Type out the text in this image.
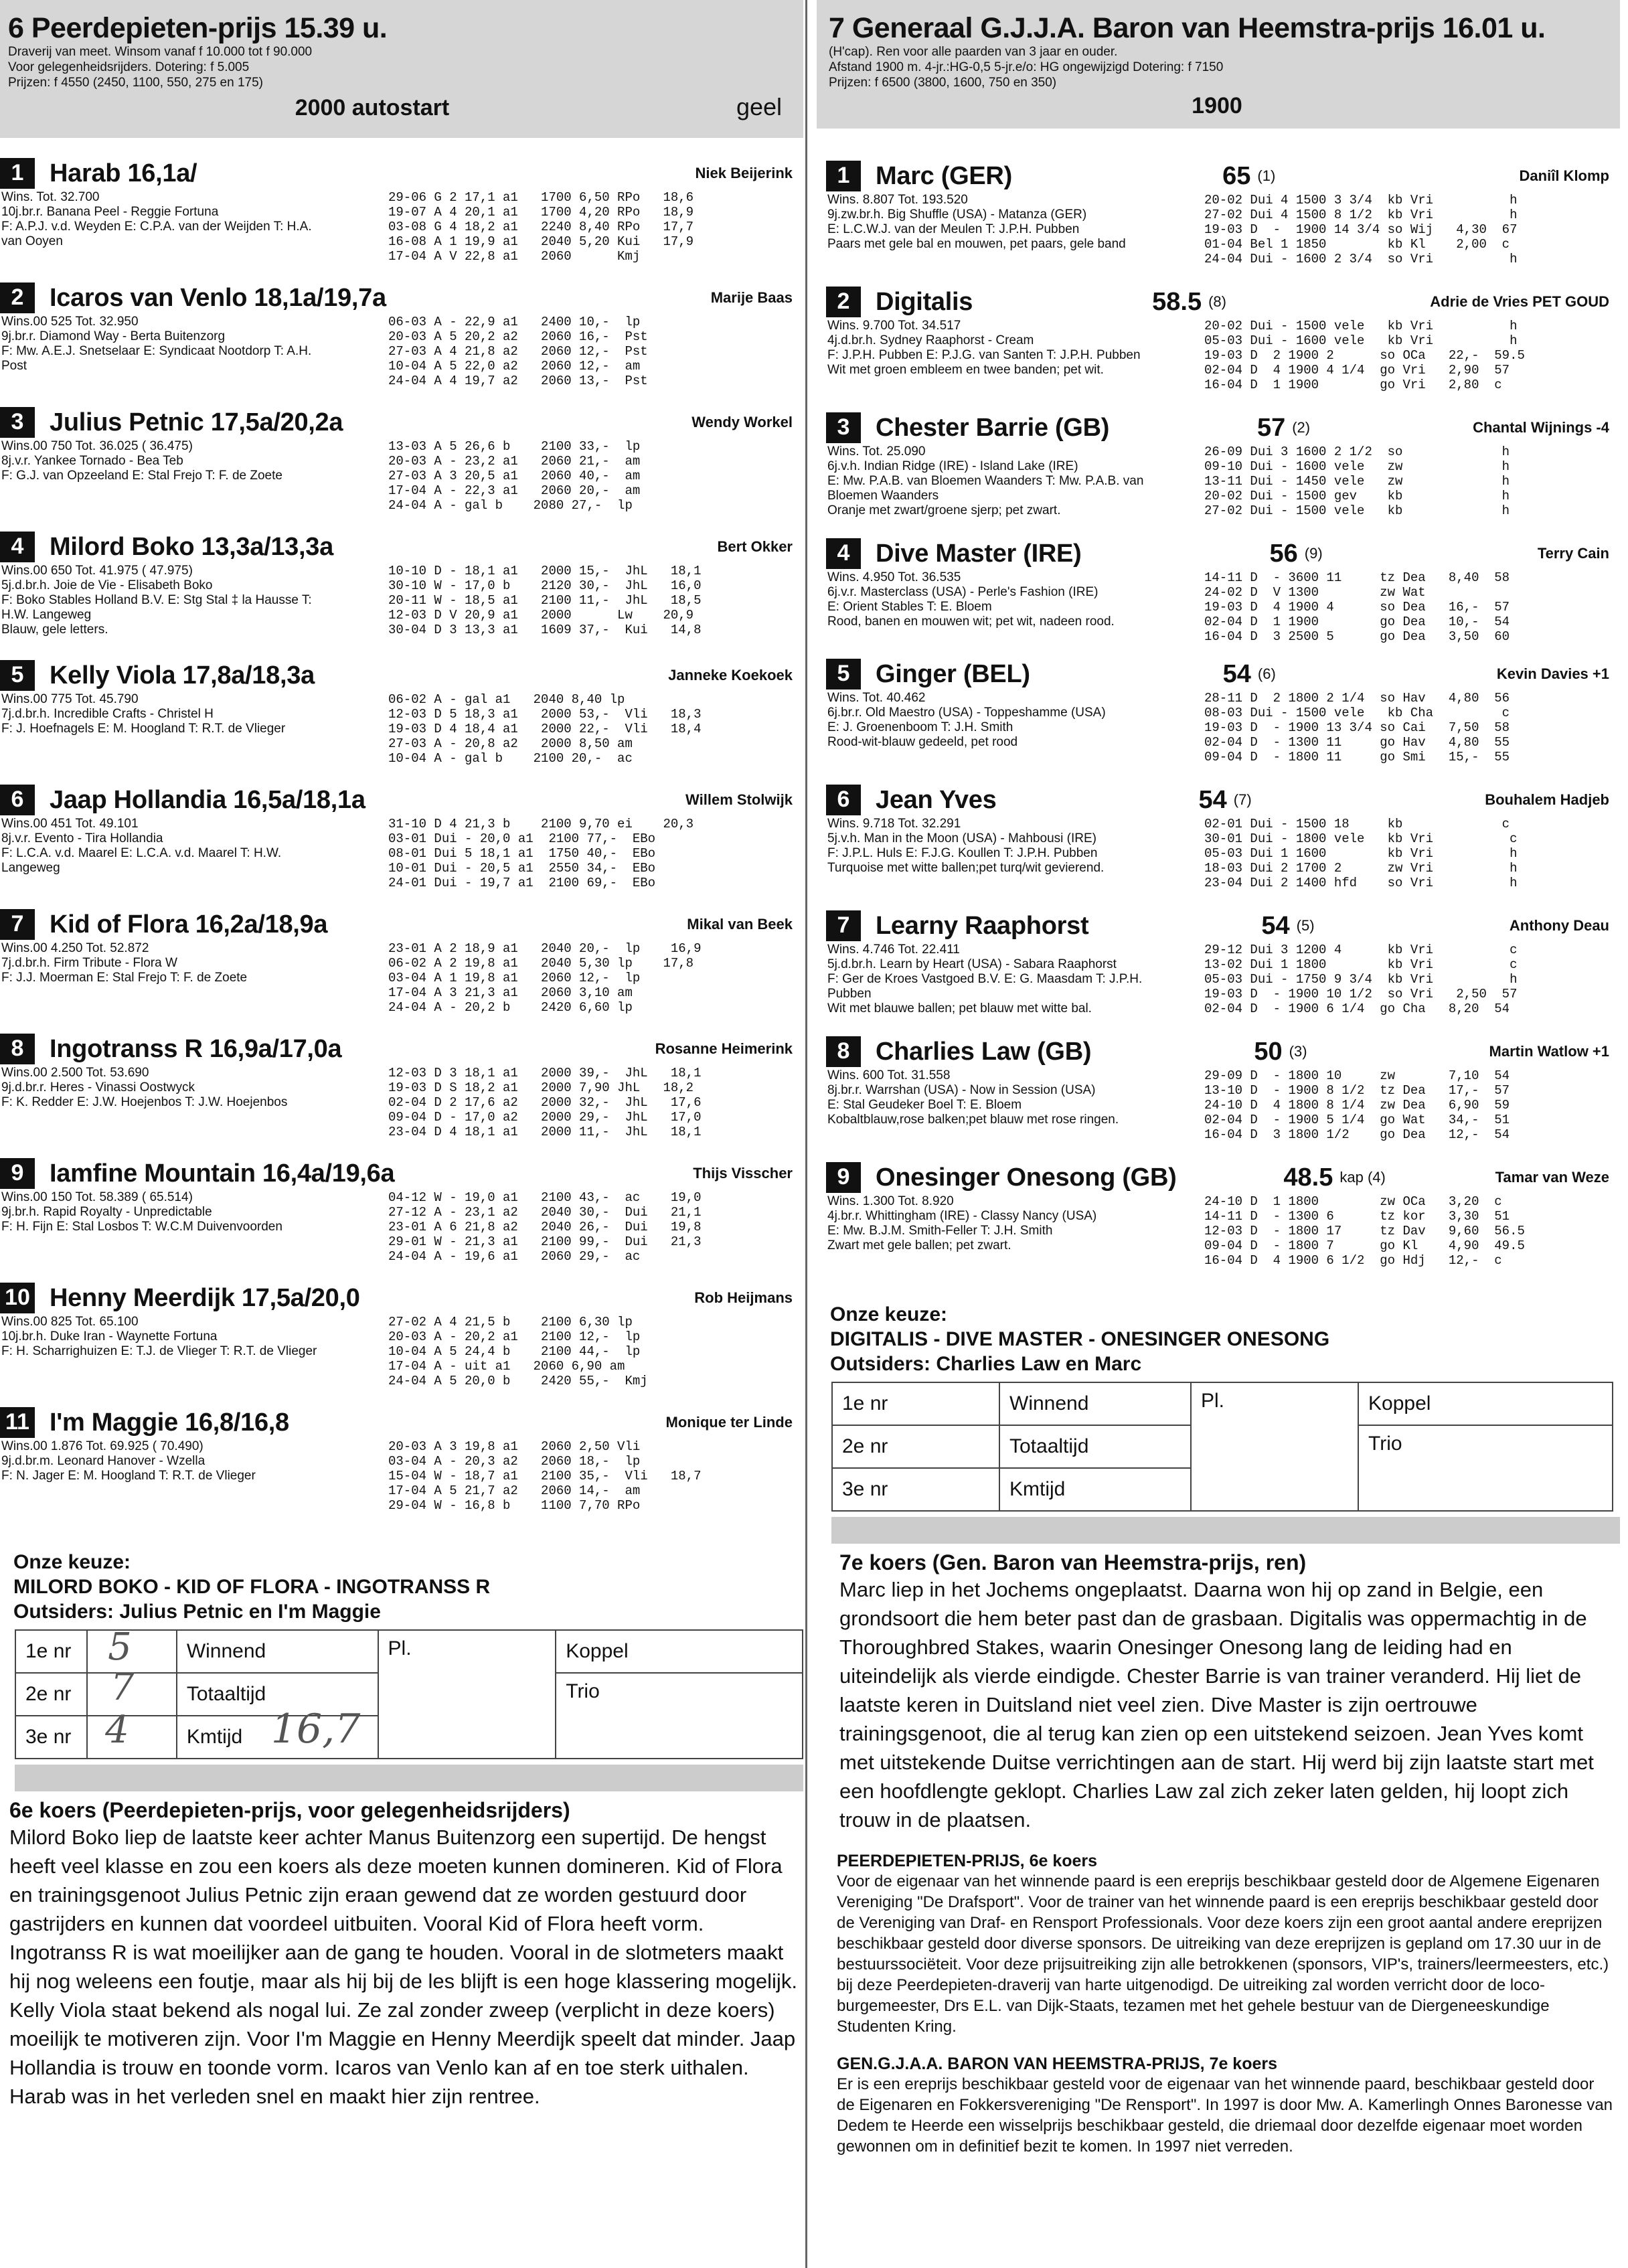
6 Peerdepieten-prijs 15.39 u.
Draverij van meet. Winsom vanaf f 10.000 tot f 90.000
Voor gelegenheidsrijders. Dotering: f 5.005
Prijzen: f 4550 (2450, 1100, 550, 275 en 175)
2000 autostart	geel
1	Harab 16,1a/	Niek Beijerink
Wins. Tot. 32.700
10j.br.r. Banana Peel - Reggie Fortuna
F: A.P.J. v.d. Weyden E: C.P.A. van der Weijden T: H.A.
van Ooyen
29-06 G 2 17,1 a1   1700 6,50 RPo   18,6
19-07 A 4 20,1 a1   1700 4,20 RPo   18,9
03-08 G 4 18,2 a1   2240 8,40 RPo   17,7
16-08 A 1 19,9 a1   2040 5,20 Kui   17,9
17-04 A V 22,8 a1   2060      Kmj
2	Icaros van Venlo 18,1a/19,7a	Marije Baas
Wins.00 525 Tot. 32.950
9j.br.r. Diamond Way - Berta Buitenzorg
F: Mw. A.E.J. Snetselaar E: Syndicaat Nootdorp T: A.H.
Post
06-03 A - 22,9 a1   2400 10,-  lp
20-03 A 5 20,2 a2   2060 16,-  Pst
27-03 A 4 21,8 a2   2060 12,-  Pst
10-04 A 5 22,0 a2   2060 12,-  am
24-04 A 4 19,7 a2   2060 13,-  Pst
3	Julius Petnic 17,5a/20,2a	Wendy Workel
Wins.00 750 Tot. 36.025 ( 36.475)
8j.v.r. Yankee Tornado - Bea Teb
F: G.J. van Opzeeland E: Stal Frejo T: F. de Zoete
13-03 A 5 26,6 b    2100 33,-  lp
20-03 A - 23,2 a1   2060 21,-  am
27-03 A 3 20,5 a1   2060 40,-  am
17-04 A - 22,3 a1   2060 20,-  am
24-04 A - gal b    2080 27,-  lp
4	Milord Boko 13,3a/13,3a	Bert Okker
Wins.00 650 Tot. 41.975 ( 47.975)
5j.d.br.h. Joie de Vie - Elisabeth Boko
F: Boko Stables Holland B.V. E: Stg Stal ‡ la Hausse T:
H.W. Langeweg
Blauw, gele letters.
10-10 D - 18,1 a1   2000 15,-  JhL   18,1
30-10 W - 17,0 b    2120 30,-  JhL   16,0
20-11 W - 18,5 a1   2100 11,-  JhL   18,5
12-03 D V 20,9 a1   2000      Lw    20,9
30-04 D 3 13,3 a1   1609 37,-  Kui   14,8
5	Kelly Viola 17,8a/18,3a	Janneke Koekoek
Wins.00 775 Tot. 45.790
7j.d.br.h. Incredible Crafts - Christel H
F: J. Hoefnagels E: M. Hoogland T: R.T. de Vlieger
06-02 A - gal a1   2040 8,40 lp
12-03 D 5 18,3 a1   2000 53,-  Vli   18,3
19-03 D 4 18,4 a1   2000 22,-  Vli   18,4
27-03 A - 20,8 a2   2000 8,50 am
10-04 A - gal b    2100 20,-  ac
6	Jaap Hollandia 16,5a/18,1a	Willem Stolwijk
Wins.00 451 Tot. 49.101
8j.v.r. Evento - Tira Hollandia
F: L.C.A. v.d. Maarel E: L.C.A. v.d. Maarel T: H.W.
Langeweg
31-10 D 4 21,3 b    2100 9,70 ei    20,3
03-01 Dui - 20,0 a1  2100 77,-  EBo
08-01 Dui 5 18,1 a1  1750 40,-  EBo
10-01 Dui - 20,5 a1  2550 34,-  EBo
24-01 Dui - 19,7 a1  2100 69,-  EBo
7	Kid of Flora 16,2a/18,9a	Mikal van Beek
Wins.00 4.250 Tot. 52.872
7j.d.br.h. Firm Tribute - Flora W
F: J.J. Moerman E: Stal Frejo T: F. de Zoete
23-01 A 2 18,9 a1   2040 20,-  lp    16,9
06-02 A 2 19,8 a1   2040 5,30 lp    17,8
03-04 A 1 19,8 a1   2060 12,-  lp
17-04 A 3 21,3 a1   2060 3,10 am
24-04 A - 20,2 b    2420 6,60 lp
8	Ingotranss R 16,9a/17,0a	Rosanne Heimerink
Wins.00 2.500 Tot. 53.690
9j.d.br.r. Heres - Vinassi Oostwyck
F: K. Redder E: J.W. Hoejenbos T: J.W. Hoejenbos
12-03 D 3 18,1 a1   2000 39,-  JhL   18,1
19-03 D S 18,2 a1   2000 7,90 JhL   18,2
02-04 D 2 17,6 a2   2000 32,-  JhL   17,6
09-04 D - 17,0 a2   2000 29,-  JhL   17,0
23-04 D 4 18,1 a1   2000 11,-  JhL   18,1
9	Iamfine Mountain 16,4a/19,6a	Thijs Visscher
Wins.00 150 Tot. 58.389 ( 65.514)
9j.br.h. Rapid Royalty - Unpredictable
F: H. Fijn E: Stal Losbos T: W.C.M Duivenvoorden
04-12 W - 19,0 a1   2100 43,-  ac    19,0
27-12 A - 23,1 a2   2040 30,-  Dui   21,1
23-01 A 6 21,8 a2   2040 26,-  Dui   19,8
29-01 W - 21,3 a1   2100 99,-  Dui   21,3
24-04 A - 19,6 a1   2060 29,-  ac
10 Henny Meerdijk 17,5a/20,0	Rob Heijmans
Wins.00 825 Tot. 65.100
10j.br.h. Duke Iran - Waynette Fortuna
F: H. Scharrighuizen E: T.J. de Vlieger T: R.T. de Vlieger
27-02 A 4 21,5 b    2100 6,30 lp
20-03 A - 20,2 a1   2100 12,-  lp
10-04 A 5 24,4 b    2100 44,-  lp
17-04 A - uit a1   2060 6,90 am
24-04 A 5 20,0 b    2420 55,-  Kmj
11 I'm Maggie 16,8/16,8	Monique ter Linde
Wins.00 1.876 Tot. 69.925 ( 70.490)
9j.d.br.m. Leonard Hanover - Wzella
F: N. Jager E: M. Hoogland T: R.T. de Vlieger
20-03 A 3 19,8 a1   2060 2,50 Vli
03-04 A - 20,3 a2   2060 18,-  lp
15-04 W - 18,7 a1   2100 35,-  Vli   18,7
17-04 A 5 21,7 a2   2060 14,-  am
29-04 W - 16,8 b    1100 7,70 RPo
Onze keuze:
MILORD BOKO - KID OF FLORA - INGOTRANSS R
Outsiders: Julius Petnic en I'm Maggie
1e nr	5	Winnend	Pl.	Koppel
2e nr	7	Totaaltijd		Trio
3e nr	4	Kmtijd 16,7		
6e koers (Peerdepieten-prijs, voor gelegenheidsrijders)
Milord Boko liep de laatste keer achter Manus Buitenzorg een supertijd. De hengst heeft veel klasse en zou een koers als deze moeten kunnen domineren. Kid of Flora en trainingsgenoot Julius Petnic zijn eraan gewend dat ze worden gestuurd door gastrijders en kunnen dat voordeel uitbuiten. Vooral Kid of Flora heeft vorm. Ingotranss R is wat moeilijker aan de gang te houden. Vooral in de slotmeters maakt hij nog weleens een foutje, maar als hij bij de les blijft is een hoge klassering mogelijk. Kelly Viola staat bekend als nogal lui. Ze zal zonder zweep (verplicht in deze koers) moeilijk te motiveren zijn. Voor I'm Maggie en Henny Meerdijk speelt dat minder. Jaap Hollandia is trouw en toonde vorm. Icaros van Venlo kan af en toe sterk uithalen. Harab was in het verleden snel en maakt hier zijn rentree.
7 Generaal G.J.J.A. Baron van Heemstra-prijs 16.01 u.
(H'cap). Ren voor alle paarden van 3 jaar en ouder.
Afstand 1900 m. 4-jr.:HG-0,5 5-jr.e/o: HG ongewijzigd Dotering: f 7150
Prijzen: f 6500 (3800, 1600, 750 en 350)
1900
1	Marc (GER)	65 (1)	Daniîl Klomp
Wins. 8.807 Tot. 193.520
9j.zw.br.h. Big Shuffle (USA) - Matanza (GER)
E: L.C.W.J. van der Meulen T: J.P.H. Pubben
Paars met gele bal en mouwen, pet paars, gele band
20-02 Dui 4 1500 3 3/4  kb Vri          h
27-02 Dui 4 1500 8 1/2  kb Vri          h
19-03 D  -  1900 14 3/4 so Wij   4,30  67
01-04 Bel 1 1850        kb Kl    2,00  c
24-04 Dui - 1600 2 3/4  so Vri          h
2	Digitalis	58.5 (8)	Adrie de Vries PET GOUD
Wins. 9.700 Tot. 34.517
4j.d.br.h. Sydney Raaphorst - Cream
F: J.P.H. Pubben E: P.J.G. van Santen T: J.P.H. Pubben
Wit met groen embleem en twee banden; pet wit.
20-02 Dui - 1500 vele   kb Vri          h
05-03 Dui - 1600 vele   kb Vri          h
19-03 D  2 1900 2      so OCa   22,-  59.5
02-04 D  4 1900 4 1/4  go Vri   2,90  57
16-04 D  1 1900        go Vri   2,80  c
3	Chester Barrie (GB)	57 (2)	Chantal Wijnings -4
Wins. Tot. 25.090
6j.v.h. Indian Ridge (IRE) - Island Lake (IRE)
E: Mw. P.A.B. van Bloemen Waanders T: Mw. P.A.B. van
Bloemen Waanders
Oranje met zwart/groene sjerp; pet zwart.
26-09 Dui 3 1600 2 1/2  so             h
09-10 Dui - 1600 vele   zw             h
13-11 Dui - 1450 vele   zw             h
20-02 Dui - 1500 gev    kb             h
27-02 Dui - 1500 vele   kb             h
4	Dive Master (IRE)	56 (9)	Terry Cain
Wins. 4.950 Tot. 36.535
6j.v.r. Masterclass (USA) - Perle's Fashion (IRE)
E: Orient Stables T: E. Bloem
Rood, banen en mouwen wit; pet wit, nadeen rood.
14-11 D  - 3600 11     tz Dea   8,40  58
24-02 D  V 1300        zw Wat
19-03 D  4 1900 4      so Dea   16,-  57
02-04 D  1 1900        go Dea   10,-  54
16-04 D  3 2500 5      go Dea   3,50  60
5	Ginger (BEL)	54 (6)	Kevin Davies +1
Wins. Tot. 40.462
6j.br.r. Old Maestro (USA) - Toppeshamme (USA)
E: J. Groenenboom T: J.H. Smith
Rood-wit-blauw gedeeld, pet rood
28-11 D  2 1800 2 1/4  so Hav   4,80  56
08-03 Dui - 1500 vele   kb Cha         c
19-03 D  - 1900 13 3/4 so Cai   7,50  58
02-04 D  - 1300 11     go Hav   4,80  55
09-04 D  - 1800 11     go Smi   15,-  55
6	Jean Yves	54 (7)	Bouhalem Hadjeb
Wins. 9.718 Tot. 32.291
5j.v.h. Man in the Moon (USA) - Mahbousi (IRE)
F: J.P.L. Huls E: F.J.G. Koullen T: J.P.H. Pubben
Turquoise met witte ballen;pet turq/wit gevierend.
02-01 Dui - 1500 18     kb             c
30-01 Dui - 1800 vele   kb Vri          c
05-03 Dui 1 1600        kb Vri          h
18-03 Dui 2 1700 2      zw Vri          h
23-04 Dui 2 1400 hfd    so Vri          h
7	Learny Raaphorst	54 (5)	Anthony Deau
Wins. 4.746 Tot. 22.411
5j.d.br.h. Learn by Heart (USA) - Sabara Raaphorst
F: Ger de Kroes Vastgoed B.V. E: G. Maasdam T: J.P.H.
Pubben
Wit met blauwe ballen; pet blauw met witte bal.
29-12 Dui 3 1200 4      kb Vri          c
13-02 Dui 1 1800        kb Vri          c
05-03 Dui - 1750 9 3/4  kb Vri          h
19-03 D  - 1900 10 1/2  so Vri   2,50  57
02-04 D  - 1900 6 1/4  go Cha   8,20  54
8	Charlies Law (GB)	50 (3)	Martin Watlow +1
Wins. 600 Tot. 31.558
8j.br.r. Warrshan (USA) - Now in Session (USA)
E: Stal Geudeker Boel T: E. Bloem
Kobaltblauw,rose balken;pet blauw met rose ringen.
29-09 D  - 1800 10     zw       7,10  54
13-10 D  - 1900 8 1/2  tz Dea   17,-  57
24-10 D  4 1800 8 1/4  zw Dea   6,90  59
02-04 D  - 1900 5 1/4  go Wat   34,-  51
16-04 D  3 1800 1/2    go Dea   12,-  54
9	Onesinger Onesong (GB)	48.5 kap (4)	Tamar van Weze
Wins. 1.300 Tot. 8.920
4j.br.r. Whittingham (IRE) - Classy Nancy (USA)
E: Mw. B.J.M. Smith-Feller T: J.H. Smith
Zwart met gele ballen; pet zwart.
24-10 D  1 1800        zw OCa   3,20  c
14-11 D  - 1300 6      tz kor   3,30  51
12-03 D  - 1800 17     tz Dav   9,60  56.5
09-04 D  - 1800 7      go Kl    4,90  49.5
16-04 D  4 1900 6 1/2  go Hdj   12,-  c
Onze keuze:
DIGITALIS - DIVE MASTER - ONESINGER ONESONG
Outsiders: Charlies Law en Marc
1e nr	Winnend	Pl.	Koppel
2e nr	Totaaltijd		Trio
3e nr	Kmtijd		
7e koers (Gen. Baron van Heemstra-prijs, ren)
Marc liep in het Jochems ongeplaatst. Daarna won hij op zand in Belgie, een grondsoort die hem beter past dan de grasbaan. Digitalis was oppermachtig in de Thoroughbred Stakes, waarin Onesinger Onesong lang de leiding had en uiteindelijk als vierde eindigde. Chester Barrie is van trainer veranderd. Hij liet de laatste keren in Duitsland niet veel zien. Dive Master is zijn oertrouwe trainingsgenoot, die al terug kan zien op een uitstekend seizoen. Jean Yves komt met uitstekende Duitse verrichtingen aan de start. Hij werd bij zijn laatste start met een hoofdlengte geklopt. Charlies Law zal zich zeker laten gelden, hij loopt zich trouw in de plaatsen.
PEERDEPIETEN-PRIJS, 6e koers
Voor de eigenaar van het winnende paard is een ereprijs beschikbaar gesteld door de Algemene Eigenaren Vereniging "De Drafsport". Voor de trainer van het winnende paard is een ereprijs beschikbaar gesteld door de Vereniging van Draf- en Rensport Professionals. Voor deze koers zijn een groot aantal andere ereprijzen beschikbaar gesteld door diverse sponsors. De uitreiking van deze ereprijzen is gepland om 17.30 uur in de bestuurssociëteit. Voor deze prijsuitreiking zijn alle betrokkenen (sponsors, VIP's, trainers/leermeesters, etc.) bij deze Peerdepieten-draverij van harte uitgenodigd. De uitreiking zal worden verricht door de loco-burgemeester, Drs E.L. van Dijk-Staats, tezamen met het gehele bestuur van de Diergeneeskundige Studenten Kring.
GEN.G.J.A.A. BARON VAN HEEMSTRA-PRIJS, 7e koers
Er is een ereprijs beschikbaar gesteld voor de eigenaar van het winnende paard, beschikbaar gesteld door de Eigenaren en Fokkersvereniging "De Rensport". In 1997 is door Mw. A. Kamerlingh Onnes Baronesse van Dedem te Heerde een wisselprijs beschikbaar gesteld, die driemaal door dezelfde eigenaar moet worden gewonnen om in definitief bezit te komen. In 1997 niet verreden.
